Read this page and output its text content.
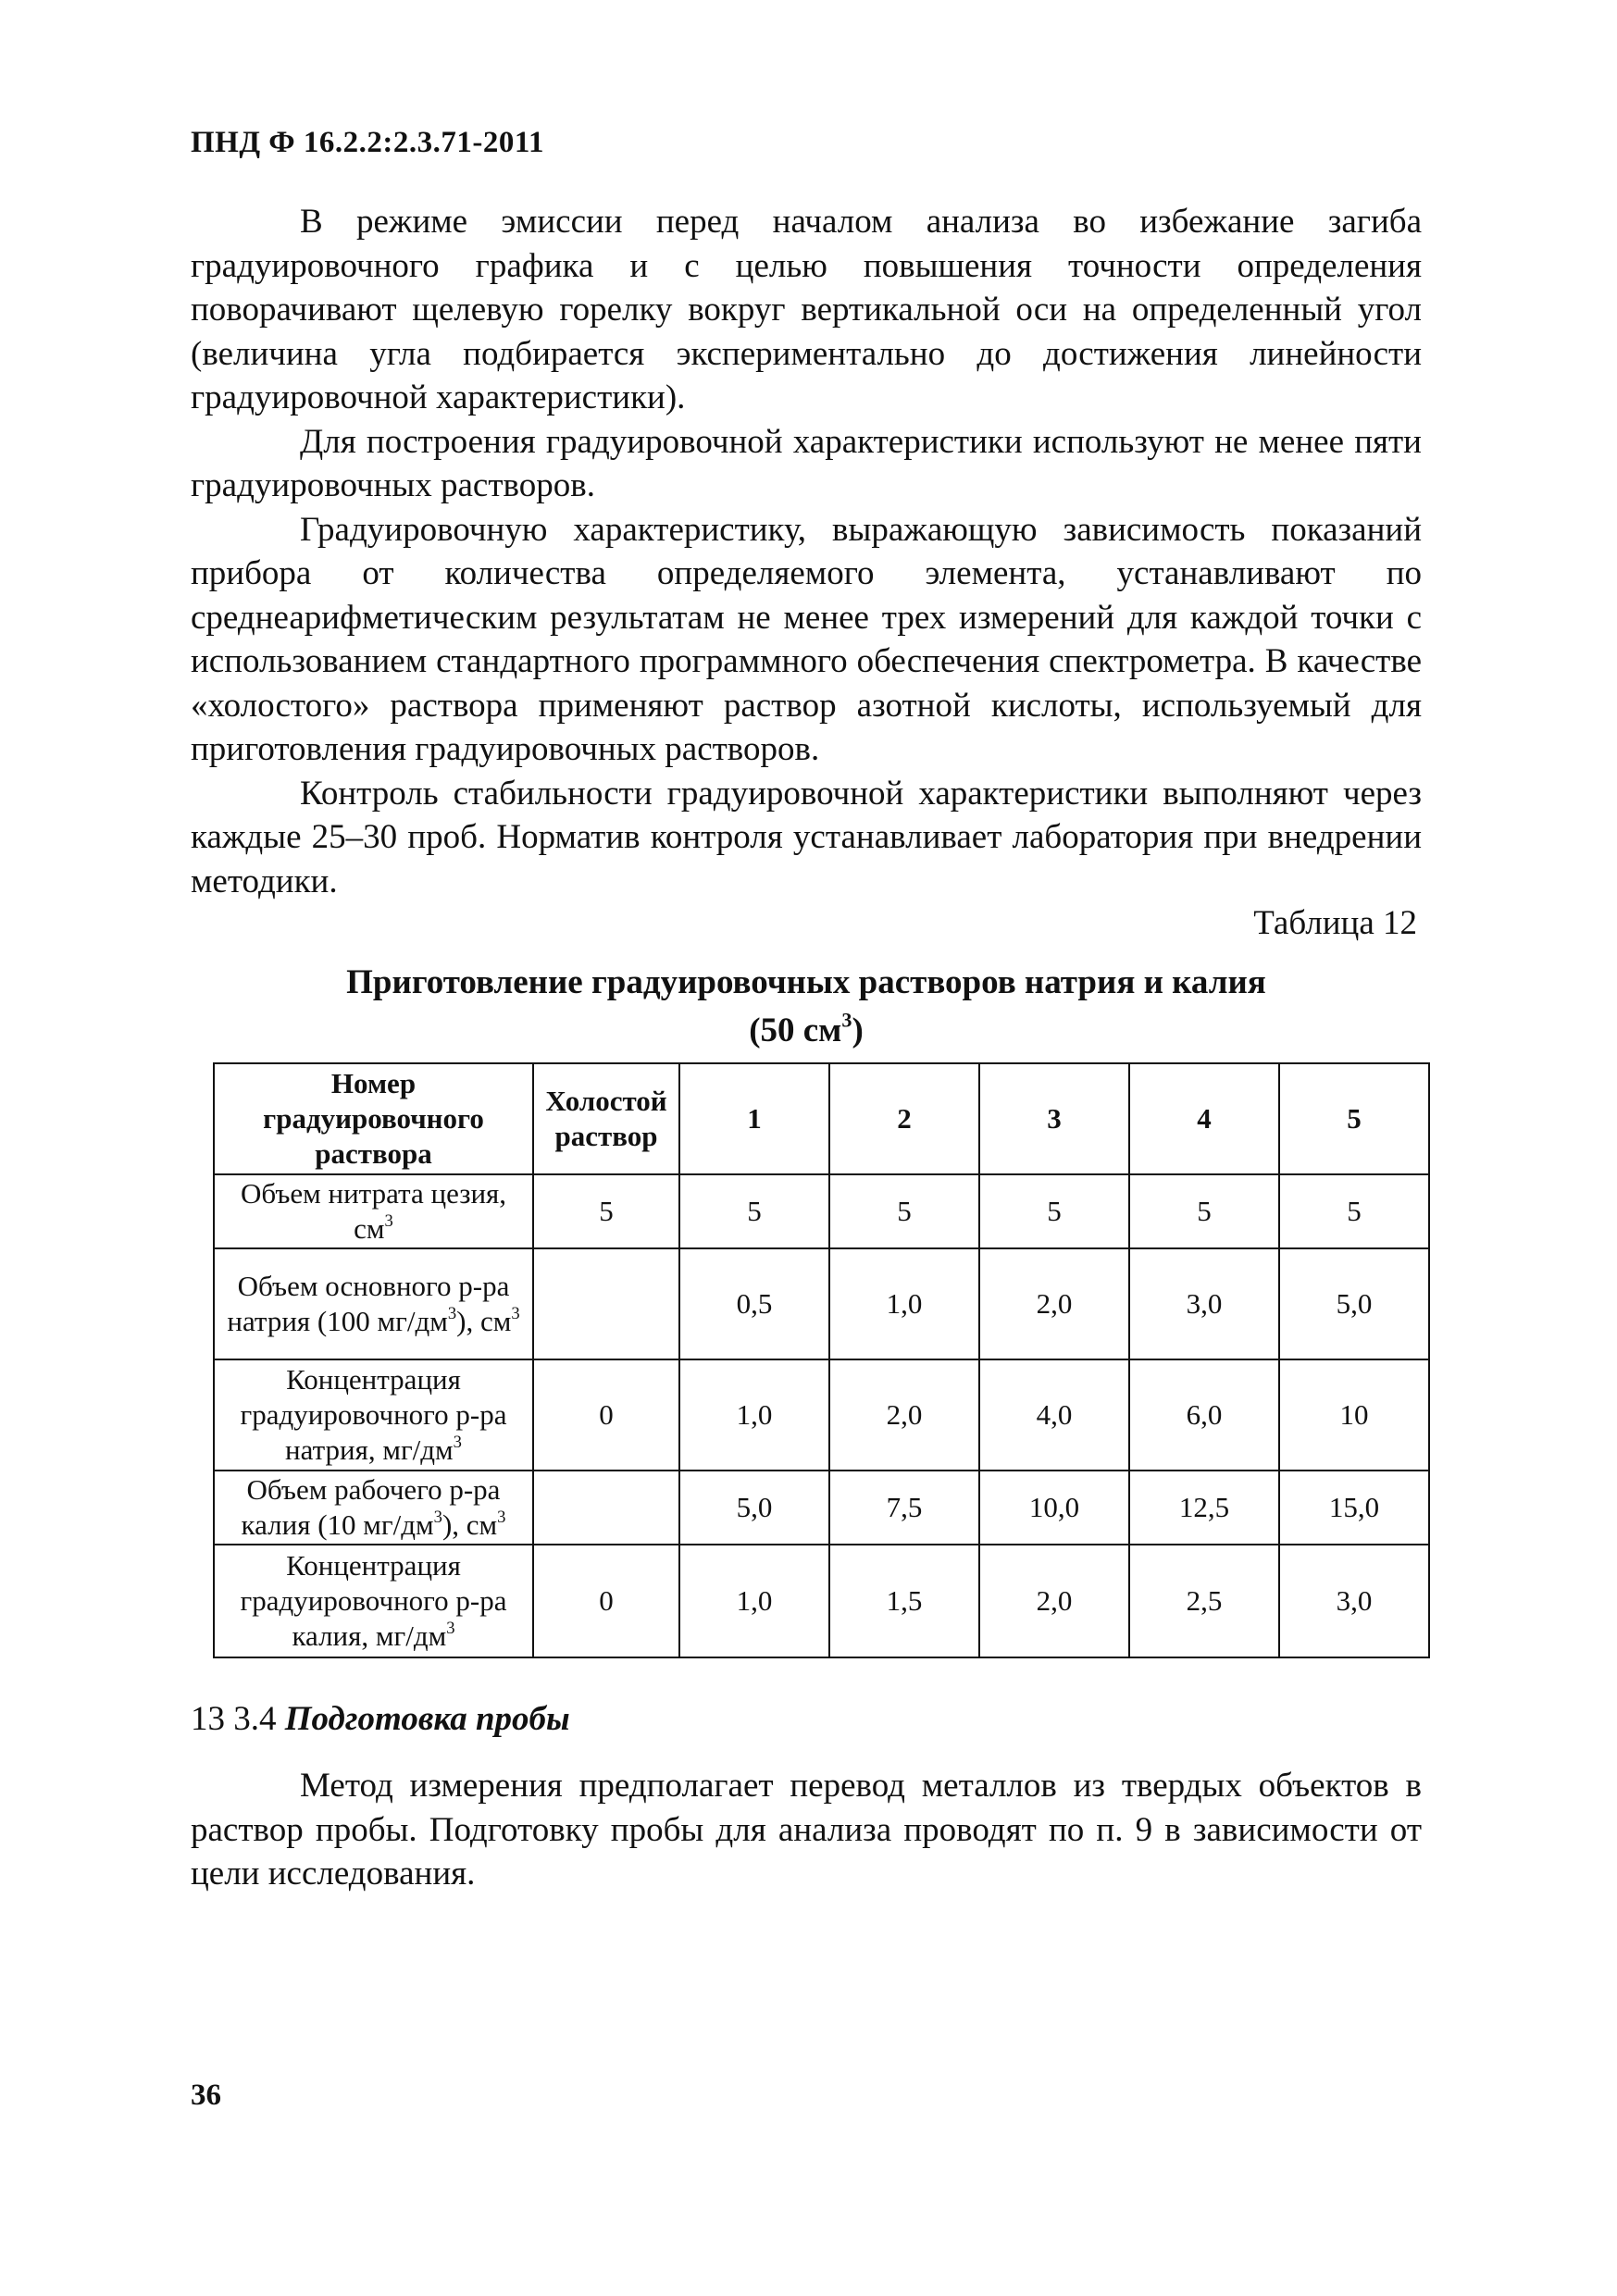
ПНД Ф 16.2.2:2.3.71-2011

В режиме эмиссии перед началом анализа во избежание загиба градуировочного графика и с целью повышения точности определения поворачивают щелевую горелку вокруг вертикальной оси на определенный угол (величина угла подбирается экспериментально до достижения линейности градуировочной характеристики).

Для построения градуировочной характеристики используют не менее пяти градуировочных растворов.

Градуировочную характеристику, выражающую зависимость показаний прибора от количества определяемого элемента, устанавливают по среднеарифметическим результатам не менее трех измерений для каждой точки с использованием стандартного программного обеспечения спектрометра. В качестве «холостого» раствора применяют раствор азотной кислоты, используемый для приготовления градуировочных растворов.

Контроль стабильности градуировочной характеристики выполняют через каждые 25–30 проб. Норматив контроля устанавливает лаборатория при внедрении методики.

Таблица 12
Приготовление градуировочных растворов натрия и калия
(50 $см^3$)
Номер градуировочного раствора	Холостой раствор	1	2	3	4	5
Объем нитрата цезия, $см^3$	5	5	5	5	5	5
Объем основного р-ра натрия (100 $мг/дм^3$), $см^3$		0,5	1,0	2,0	3,0	5,0
Концентрация градуировочного р-ра натрия, $мг/дм^3$	0	1,0	2,0	4,0	6,0	10
Объем рабочего р-ра калия (10 $мг/дм^3$), $см^3$		5,0	7,5	10,0	12,5	15,0
Концентрация градуировочного р-ра калия, $мг/дм^3$	0	1,0	1,5	2,0	2,5	3,0
13 3.4 Подготовка пробы

Метод измерения предполагает перевод металлов из твердых объектов в раствор пробы. Подготовку пробы для анализа проводят по п. 9 в зависимости от цели исследования.

36
